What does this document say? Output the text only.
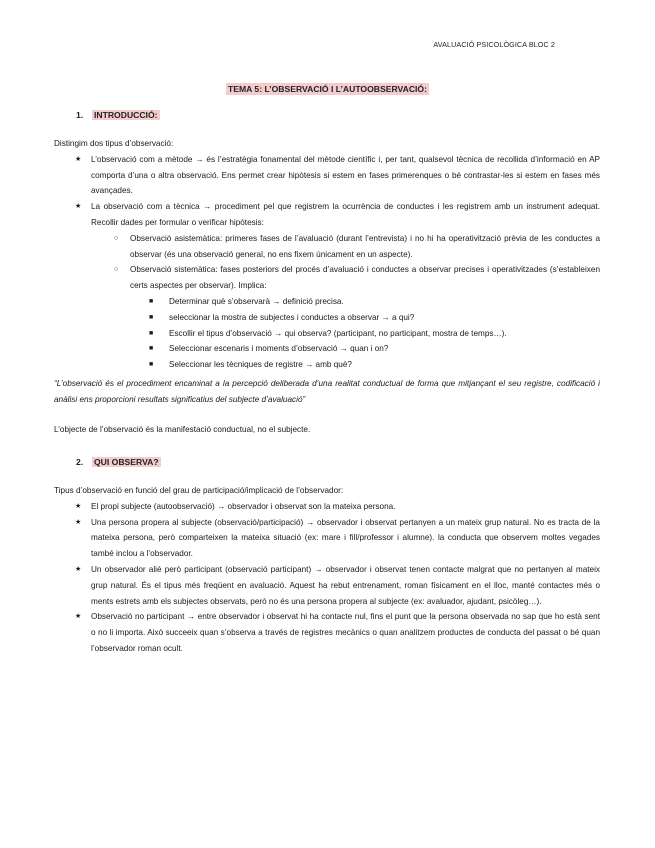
AVALUACIÓ PSICOLÒGICA BLOC 2
TEMA 5: L’OBSERVACIÓ I L’AUTOOBSERVACIÓ:
1. INTRODUCCIÓ:
Distingim dos tipus d’observació:
★ L’observació com a mètode → és l’estratègia fonamental del mètode científic i, per tant, qualsevol tècnica de recollida d’informació en AP comporta d’una o altra observació. Ens permet crear hipòtesis si estem en fases primerenques o bé contrastar-les si estem en fases més avançades.
★ La observació com a tècnica → procediment pel que registrem la ocurrència de conductes i les registrem amb un instrument adequat. Recollir dades per formular o verificar hipòtesis:
○ Observació asistemàtica: primeres fases de l’avaluació (durant l’entrevista) i no hi ha operativització prèvia de les conductes a observar (és una observació general, no ens fixem únicament en un aspecte).
○ Observació sistemàtica: fases posteriors del procés d’avaluació i conductes a observar precises i operativitzades (s’estableixen certs aspectes per observar). Implica:
■ Determinar què s’observarà → definició precisa.
■ seleccionar la mostra de subjectes i conductes a observar → a qui?
■ Escollir el tipus d’observació → qui observa? (participant, no participant, mostra de temps…).
■ Seleccionar escenaris i moments d’observació → quan i on?
■ Seleccionar les tècniques de registre → amb què?
“L’observació és el procediment encaminat a la percepció deliberada d’una realitat conductual de forma que mitjançant el seu registre, codificació i anàlisi ens proporcioni resultats significatius del subjecte d’avaluació”
L’objecte de l’observació és la manifestació conductual, no el subjecte.
2. QUI OBSERVA?
Tipus d’observació en funció del grau de participació/implicació de l’observador:
★ El propi subjecte (autoobservació) → observador i observat son la mateixa persona.
★ Una persona propera al subjecte (observació/participació) → observador i observat pertanyen a un mateix grup natural. No es tracta de la mateixa persona, però comparteixen la mateixa situació (ex: mare i fill/professor i alumne). la conducta que observem moltes vegades també inclou a l’observador.
★ Un observador alié però participant (observació participant) → observador i observat tenen contacte malgrat que no pertanyen al mateix grup natural. És el tipus més freqüent en avaluació. Aquest ha rebut entrenament, roman físicament en el lloc, manté contactes més o ments estrets amb els subjectes observats, però no és una persona propera al subjecte (ex: avaluador, ajudant, psicòleg…).
★ Observació no participant → entre observador i observat hi ha contacte nul, fins el punt que la persona observada no sap que ho està sent o no li importa. Això succeeix quan s’observa a través de registres mecànics o quan analitzem productes de conducta del passat o bé quan l’observador roman ocult.
